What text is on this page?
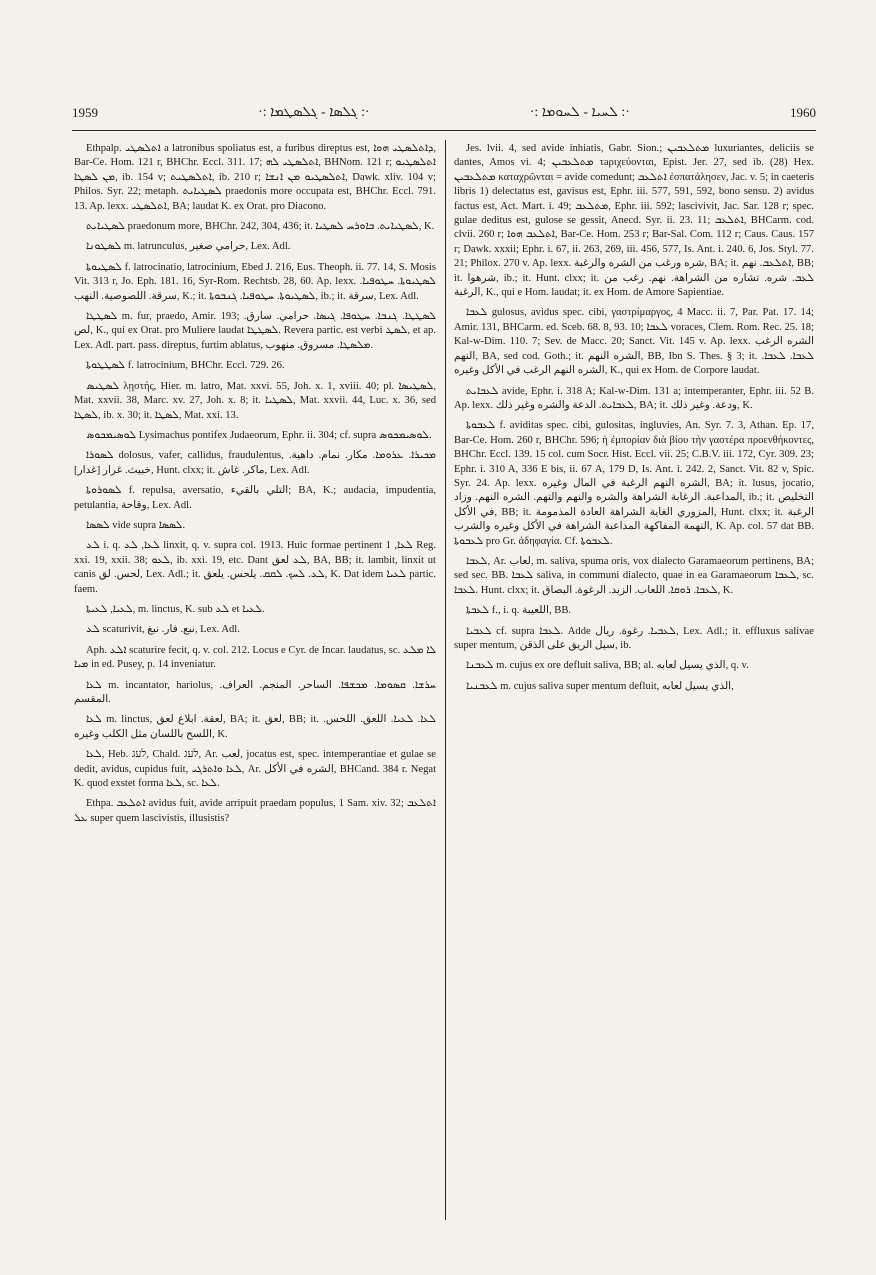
1959	·: ܓܠܣܐ - ܓܠܣܛܡܐ :·	·: ܠܚܝܐ - ܠܚܘܡܐ :·	1960

Ethpalp. ܐܬܠܣܛܝ a latronibus spoliatus est, a furibus direptus est, ܕܐܬܠܣܛܝ ܗܘܐ, Bar-Ce. Hom. 121 r, BHChr. Eccl. 311. 17; ܐܬܠܣܛܝ ܠܗ, BHNom. 121 r; ܐܬܠܣܛܝܘ ܡܢ ܠܣܛܐ, ib. 154 v; ܐܬܠܣܛܝܬ, ib. 210 r; ܐܬܠܣܛܝܘ ܡܢ ܐܢܫܐ, Dawk. xliv. 104 v; Philos. Syr. 22; metaph. ܠܣܛܝܐܝܬ praedonis more occupata est, BHChr. Eccl. 791. 13. Ap. lexx. ܐܬܠܣܛܝ, BA; laudat K. ex Orat. pro Diacono.

ܠܣܛܝܐܝܬ praedonum more, BHChr. 242, 304, 436; it. ܠܣܛܝܐܝܬ. ܒܐܘܪܚ ܠܣܛܝܐ, K.

ܠܣܛܘܢܐ m. latrunculus, حرامي صغير, Lex. Adl.

ܠܣܛܝܘܬܐ f. latrocinatio, latrocinium, Ebed J. 216, Eus. Theoph. ii. 77. 14, S. Mosis Vit. 313 r, Jo. Eph. 181. 16, Syr-Rom. Rechtsb. 28, 60. Ap. lexx. ܠܣܛܝܘܬܐ. ܚܛܘܦܝܐ. سرقة. اللصوصية. النهب, K.; it. ܠܣܛܝܘܬܐ. ܚܛܘܦܝܐ. ܓܢܒܘܬܐ, ib.; it. سرقة, Lex. Adl.

ܠܣܛܛܐ m. fur, praedo, Amir. 193; ܠܣܛܛܐ. ܓܢܒܐ. ܚܛܘܦܐ. ܓܝܣܐ. حرامي. سارق. لص, K., qui ex Orat. pro Muliere laudat ܠܣܛܛܐ. Revera partic. est verbi ܠܣܛ, et ap. Lex. Adl. part. pass. direptus, furtim ablatus, ܡܠܣܛܐ. مسروق. منهوب.

ܠܣܛܛܘܬܐ f. latrocinium, BHChr. Eccl. 729. 26.

ܠܣܛܝܣ λῃστής, Hier. m. latro, Mat. xxvi. 55, Joh. x. 1, xviii. 40; pl. ܠܣܛܝܣܐ, Mat. xxvii. 38, Marc. xv. 27, Joh. x. 8; it. ܠܣܛܝܐ, Mat. xxvii. 44, Luc. x. 36, sed ܠܣܛܐ, ib. x. 30; it. ܠܣܛܐ, Mat. xxi. 13.

ܠܘܣܝܡܟܘܣ Lysimachus pontifex Judaeorum, Ephr. ii. 304; cf. supra ܠܘܣܝܡܟܘܣ.

ܠܣܘܪܐ dolosus, vafer, callidus, fraudulentus, ܡܟܝܪܐ. ܥܪܘܡܐ. مكار. نمام. داهية. خبيث. غرار [غدار], Hunt. clxx; it. ماكر. غاش, Lex. Adl.

ܠܣܘܪܘܬܐ f. repulsa, aversatio, التلي بالقيء; BA, K.; audacia, impudentia, petulantia, وقاحة, Lex. Adl.

ܠܣܣܐ vide supra ܠܣܣܐ.

ܠܥ i. q. ܠܥܐ, ܠܥ linxit, q. v. supra col. 1913. Huic formae pertinent ܠܥܐ, 1 Reg. xxi. 19, xxii. 38; ܠܥܘ, ib. xxi. 19, etc. Dant ܠܥ لعق, BA, BB; it. lambit, linxit ut canis لحس. لق, Lex. Adl.; it. ܠܥ. ܠܚܟ. ܠܩܩ. يلحس. يلعق, K. Dat idem ܠܥܝܐ partic. faem.

ܠܥܝܐ, ܠܥܝܬܐ, m. linctus, K. sub ܠܥ et ܠܥܝܐ.

ܠܥ scaturivit, نبع. فار. نبغ, Lex. Adl.

Aph. ܐܠܥ scaturire fecit, q. v. col. 212. Locus e Cyr. de Incar. laudatus, sc. ܠܐ ܡܠܥ ܡܝܐ in ed. Pusey, p. 14 inveniatur.

ܠܥܐ m. incantator, hariolus, ܚܪܫܐ. ܩܣܘܡܐ. ܡܟܫܦܐ. الساحر. المنجم. العراف. المقسم.

ܠܥܐ m. linctus, لعقة. ابلاع لعق, BA; it. لعق, BB; it. ܠܥܐ. ܠܥܝܐ. اللعق. اللحس. اللسح باللسان مثل الكلب وغيره, K.

ܠܥܐ, Heb. לעג, Chald. לעג, Ar. لعب, jocatus est, spec. intemperantiae et gulae se dedit, avidus, cupidus fuit, ܠܥܐ ܘܐܬܪܓܝ, Ar. الشره في الأكل, BHCand. 384 r. Negat K. quod exstet forma ܠܥܐ, sc. ܠܥܐ.

Ethpa. ܐܬܠܥܒ avidus fuit, avide arripuit praedam populus, 1 Sam. xiv. 32; ܐܬܠܥܒ ܥܠ super quem lascivistis, illusistis?

Jes. lvii. 4, sed avide inhiatis, Gabr. Sion.; ܡܬܠܥܒܝܢ luxuriantes, deliciis se dantes, Amos vi. 4; ܡܬܠܥܒܝܢ τaριχεύονται, Epist. Jer. 27, sed ib. (28) Hex. ܡܬܠܥܒܝܢ καταχρῶνται = avide comedunt; ܐܬܠܥܒ ἐσπατάλησεν, Jac. v. 5; in caeteris libris 1) delectatus est, gavisus est, Ephr. iii. 577, 591, 592, bono sensu. 2) avidus factus est, Act. Mart. i. 49; ܡܬܠܥܒ, Ephr. iii. 592; lascivivit, Jac. Sar. 128 r; spec. gulae deditus est, gulose se gessit, Anecd. Syr. ii. 23. 11; ܐܬܠܥܒ, BHCarm. cod. clvii. 260 r; ܐܬܠܥܒ ܗܘܐ, Bar-Ce. Hom. 253 r; Bar-Sal. Com. 112 r; Caus. Caus. 157 r; Dawk. xxxii; Ephr. i. 67, ii. 263, 269, iii. 456, 577, Is. Ant. i. 240. 6, Jos. Styl. 77. 21; Philox. 270 v. Ap. lexx. شره ورغب من الشره والرغبة, BA; it. ܐܬܠܥܒ. نهم, BB; it. شرهوا, ib.; it. Hunt. clxx; it. ܠܥܒ. شره. تشاره من الشراهة. نهم. رغب من الرغبة, K., qui e Hom. laudat; it. ex Hom. de Amore Sapientiae.

ܠܥܒܐ gulosus, avidus spec. cibi, γαστρίμαργος, 4 Macc. ii. 7, Par. Pat. 17. 14; Amir. 131, BHCarm. ed. Sceb. 68. 8, 93. 10; ܠܥܒܐ voraces, Clem. Rom. Rec. 25. 18; Kal-w-Dim. 110. 7; Sev. de Macc. 20; Sanct. Vit. 145 v. Ap. lexx. الشره الرغب النهم, BA, sed cod. Goth.; it. الشره النهم, BB, Ibn S. Thes. § 3; it. ܠܥܒܐ. ܠܥܒܐ. الشره النهم الرغب في الأكل وغيره, K., qui ex Hom. de Corpore laudat.

ܠܥܒܐܝܬ avide, Ephr. i. 318 A; Kal-w-Dim. 131 a; intemperanter, Ephr. iii. 52 B. Ap. lexx. ܠܥܒܐܝܬ. الدعة والشره وغير ذلك, BA; it. ودعة. وغير ذلك, K.

ܠܥܒܘܬܐ f. aviditas spec. cibi, gulositas, ingluvies, An. Syr. 7. 3, Athan. Ep. 17, Bar-Ce. Hom. 260 r, BHChr. 596; ἡ ἐμπορίαν διὰ βίου τὴν γαστέρα προενθήκοντες, BHChr. Eccl. 139. 15 col. cum Socr. Hist. Eccl. vii. 25; C.B.V. iii. 172, Cyr. 309. 23; Ephr. i. 310 A, 336 E bis, ii. 67 A, 179 D, Is. Ant. i. 242. 2, Sanct. Vit. 82 v, Spic. Syr. 24. Ap. lexx. الشره النهم الرغبة في المال وغيره, BA; it. lusus, jocatio, المداعبة. الرغابة الشراهة والشره والنهم والتهم. الشره النهم. وزاد, ib.; it. التخليص في الأكل, BB; it. المزوري الغاية الشراهة العادة المذمومة, Hunt. clxx; it. الرغبة النهمة المفاكهة المداعبة الشراهة في الأكل وغيره والشرب, K. Ap. col. 57 dat BB. ܠܥܒܘܬܐ pro Gr. ἀδηφαγία. Cf. ܠܥܒܘܬܐ.

ܠܥܒܐ, Ar. لعاب, m. saliva, spuma oris, vox dialecto Garamaeorum pertinens, BA; sed sec. BB. ܠܥܒܐ saliva, in communi dialecto, quae in ea Garamaeorum ܠܥܒܐ, sc. ܠܥܒܐ. Hunt. clxx; it. ܠܥܒܐ. ܪܘܩܐ. اللعاب. الزبد. الرغوة. البصاق, K.

ܠܥܒܬܐ f., i. q. اللعيبة, BB.

ܠܥܒܝܐ cf. supra ܠܥܒܐ. Adde ܠܥܒܝܐ. رغوة. ريال, Lex. Adl.; it. effluxus salivae super mentum, سيل الريق على الذقن, ib.

ܠܥܒܢܐ m. cujus ex ore defluit saliva, BB; al. الذي يسيل لعابه, q. v.

ܠܥܒܢܝܐ m. cujus saliva super mentum defluit, الذي يسيل لعابه,
